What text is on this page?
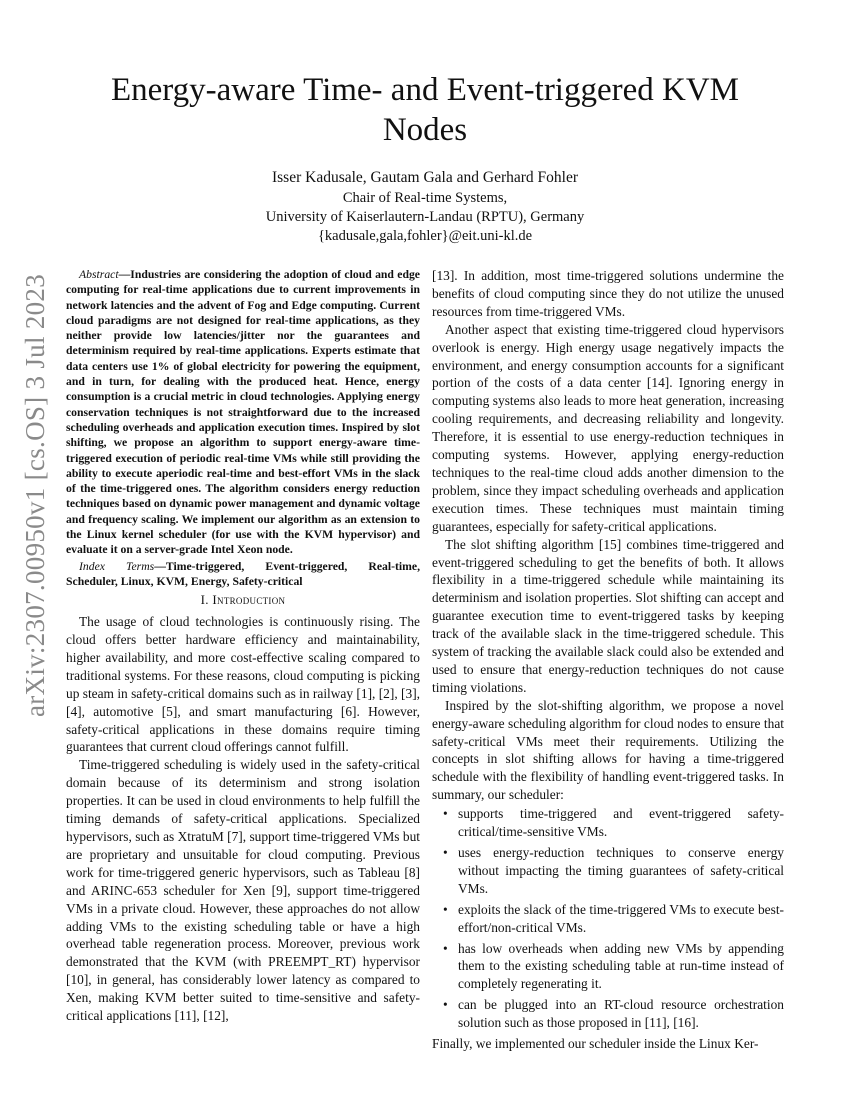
arXiv:2307.00950v1 [cs.OS] 3 Jul 2023
Energy-aware Time- and Event-triggered KVM Nodes
Isser Kadusale, Gautam Gala and Gerhard Fohler
Chair of Real-time Systems,
University of Kaiserlautern-Landau (RPTU), Germany
{kadusale,gala,fohler}@eit.uni-kl.de

Abstract—Industries are considering the adoption of cloud and edge computing for real-time applications due to current improvements in network latencies and the advent of Fog and Edge computing. Current cloud paradigms are not designed for real-time applications, as they neither provide low latencies/jitter nor the guarantees and determinism required by real-time applications. Experts estimate that data centers use 1% of global electricity for powering the equipment, and in turn, for dealing with the produced heat. Hence, energy consumption is a crucial metric in cloud technologies. Applying energy conservation techniques is not straightforward due to the increased scheduling overheads and application execution times. Inspired by slot shifting, we propose an algorithm to support energy-aware time-triggered execution of periodic real-time VMs while still providing the ability to execute aperiodic real-time and best-effort VMs in the slack of the time-triggered ones. The algorithm considers energy reduction techniques based on dynamic power management and dynamic voltage and frequency scaling. We implement our algorithm as an extension to the Linux kernel scheduler (for use with the KVM hypervisor) and evaluate it on a server-grade Intel Xeon node.

Index Terms—Time-triggered, Event-triggered, Real-time, Scheduler, Linux, KVM, Energy, Safety-critical

I. Introduction

The usage of cloud technologies is continuously rising. The cloud offers better hardware efficiency and maintainability, higher availability, and more cost-effective scaling compared to traditional systems. For these reasons, cloud computing is picking up steam in safety-critical domains such as in railway [1], [2], [3], [4], automotive [5], and smart manufacturing [6]. However, safety-critical applications in these domains require timing guarantees that current cloud offerings cannot fulfill.

Time-triggered scheduling is widely used in the safety-critical domain because of its determinism and strong isolation properties. It can be used in cloud environments to help fulfill the timing demands of safety-critical applications. Specialized hypervisors, such as XtratuM [7], support time-triggered VMs but are proprietary and unsuitable for cloud computing. Previous work for time-triggered generic hypervisors, such as Tableau [8] and ARINC-653 scheduler for Xen [9], support time-triggered VMs in a private cloud. However, these approaches do not allow adding VMs to the existing scheduling table or have a high overhead table regeneration process. Moreover, previous work demonstrated that the KVM (with PREEMPT_RT) hypervisor [10], in general, has considerably lower latency as compared to Xen, making KVM better suited to time-sensitive and safety-critical applications [11], [12],

[13]. In addition, most time-triggered solutions undermine the benefits of cloud computing since they do not utilize the unused resources from time-triggered VMs.

Another aspect that existing time-triggered cloud hypervisors overlook is energy. High energy usage negatively impacts the environment, and energy consumption accounts for a significant portion of the costs of a data center [14]. Ignoring energy in computing systems also leads to more heat generation, increasing cooling requirements, and decreasing reliability and longevity. Therefore, it is essential to use energy-reduction techniques in computing systems. However, applying energy-reduction techniques to the real-time cloud adds another dimension to the problem, since they impact scheduling overheads and application execution times. These techniques must maintain timing guarantees, especially for safety-critical applications.

The slot shifting algorithm [15] combines time-triggered and event-triggered scheduling to get the benefits of both. It allows flexibility in a time-triggered schedule while maintaining its determinism and isolation properties. Slot shifting can accept and guarantee execution time to event-triggered tasks by keeping track of the available slack in the time-triggered schedule. This system of tracking the available slack could also be extended and used to ensure that energy-reduction techniques do not cause timing violations.

Inspired by the slot-shifting algorithm, we propose a novel energy-aware scheduling algorithm for cloud nodes to ensure that safety-critical VMs meet their requirements. Utilizing the concepts in slot shifting allows for having a time-triggered schedule with the flexibility of handling event-triggered tasks. In summary, our scheduler:

• supports time-triggered and event-triggered safety-critical/time-sensitive VMs.
• uses energy-reduction techniques to conserve energy without impacting the timing guarantees of safety-critical VMs.
• exploits the slack of the time-triggered VMs to execute best-effort/non-critical VMs.
• has low overheads when adding new VMs by appending them to the existing scheduling table at run-time instead of completely regenerating it.
• can be plugged into an RT-cloud resource orchestration solution such as those proposed in [11], [16].

Finally, we implemented our scheduler inside the Linux Ker-
